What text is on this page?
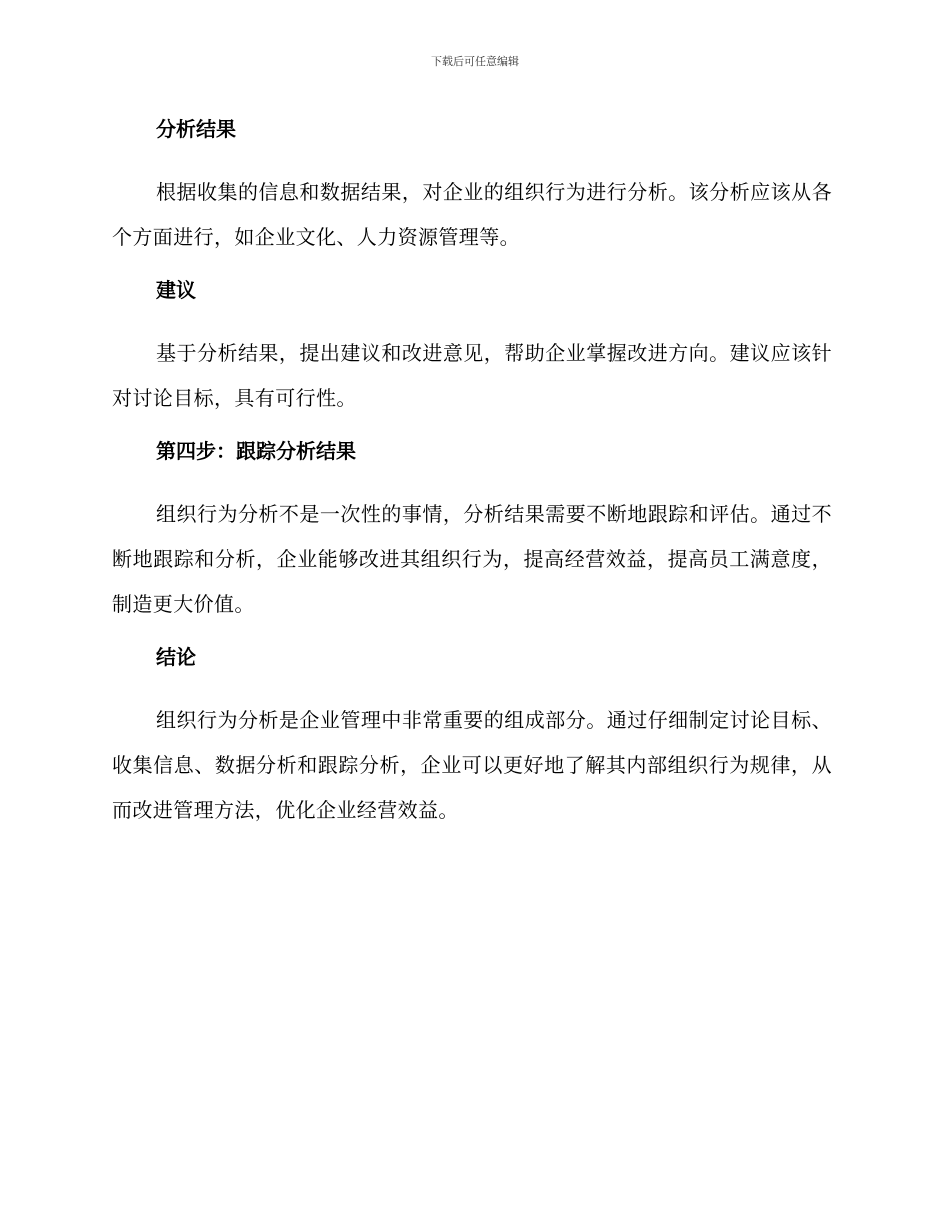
下载后可任意编辑
分析结果

根据收集的信息和数据结果，对企业的组织行为进行分析。该分析应该从各个方面进行，如企业文化、人力资源管理等。

建议

基于分析结果，提出建议和改进意见，帮助企业掌握改进方向。建议应该针对讨论目标，具有可行性。

第四步：跟踪分析结果

组织行为分析不是一次性的事情，分析结果需要不断地跟踪和评估。通过不断地跟踪和分析，企业能够改进其组织行为，提高经营效益，提高员工满意度，制造更大价值。

结论

组织行为分析是企业管理中非常重要的组成部分。通过仔细制定讨论目标、收集信息、数据分析和跟踪分析，企业可以更好地了解其内部组织行为规律，从而改进管理方法，优化企业经营效益。
